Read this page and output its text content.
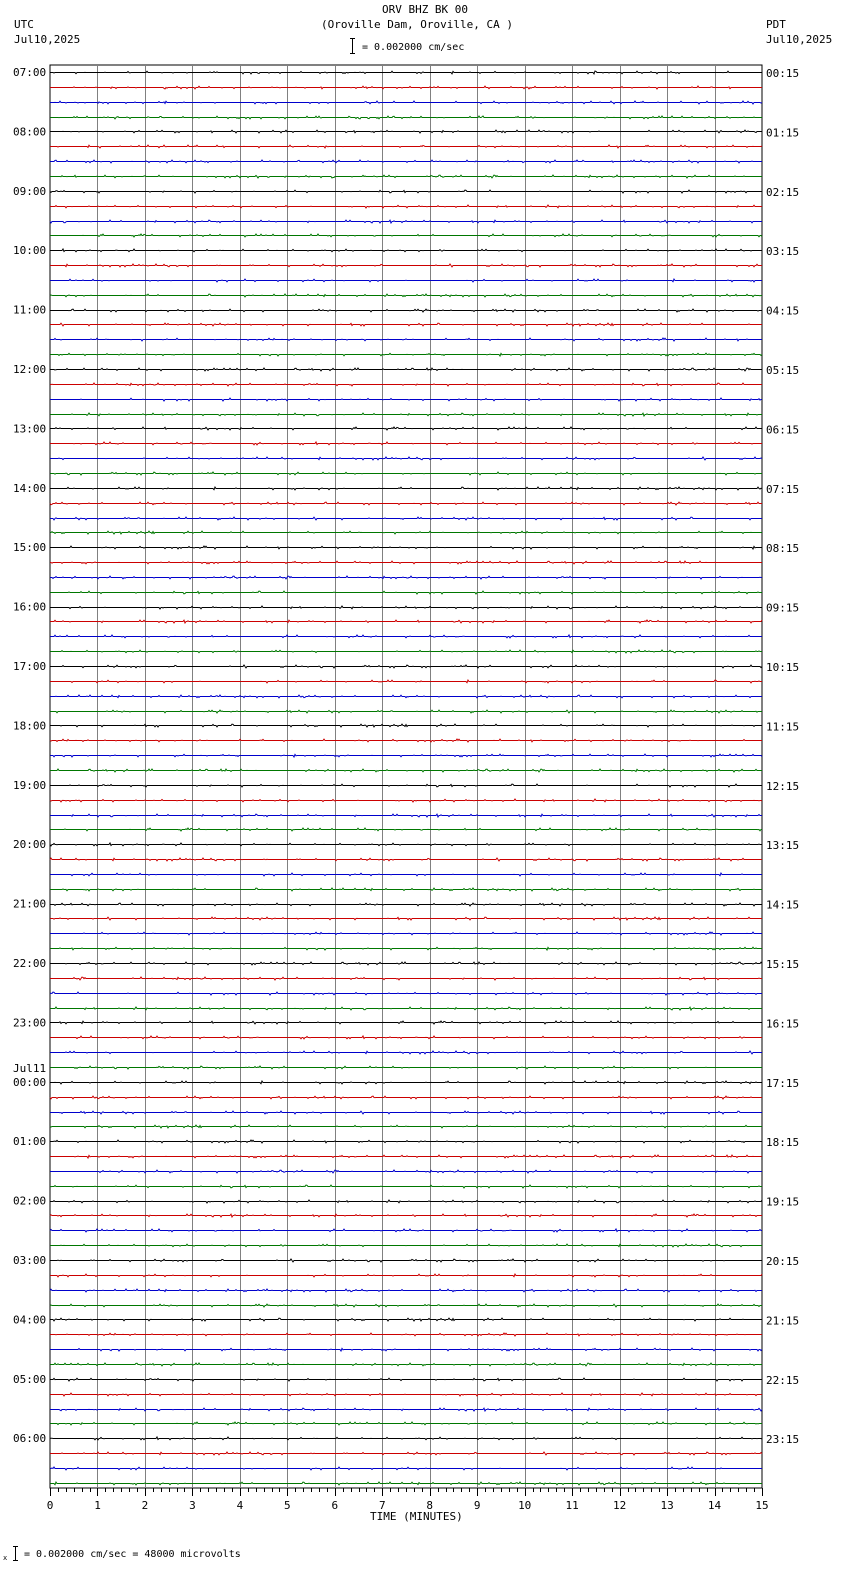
ORV BHZ BK 00
(Oroville Dam, Oroville, CA )
= 0.002000 cm/sec
UTC
Jul10,2025
PDT
Jul10,2025
07:00
08:00
09:00
10:00
11:00
12:00
13:00
14:00
15:00
16:00
17:00
18:00
19:00
20:00
21:00
22:00
23:00
00:00
01:00
02:00
03:00
04:00
05:00
06:00
Jul11
00:15
01:15
02:15
03:15
04:15
05:15
06:15
07:15
08:15
09:15
10:15
11:15
12:15
13:15
14:15
15:15
16:15
17:15
18:15
19:15
20:15
21:15
22:15
23:15
0	1	2	3	4	5	6	7	8	9	10	11	12	13	14	15
TIME (MINUTES)
x = 0.002000 cm/sec = 48000 microvolts
